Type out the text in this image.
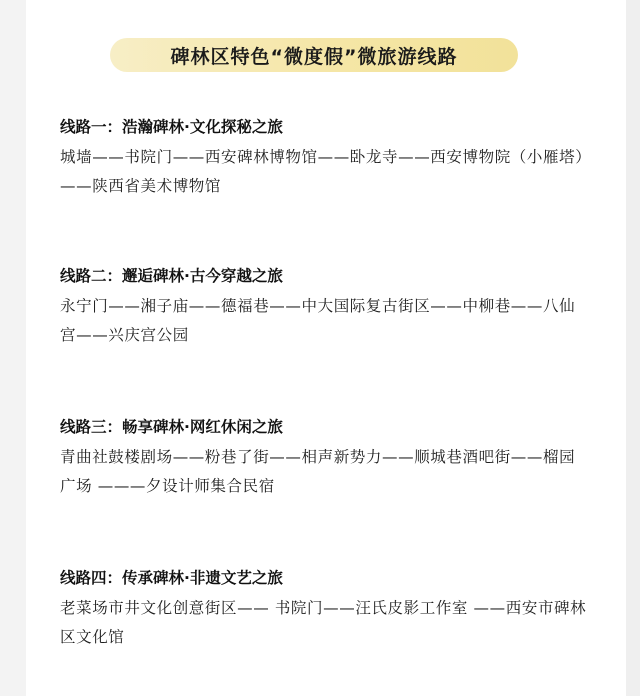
碑林区特色“微度假”微旅游线路
线路一：浩瀚碑林·文化探秘之旅
城墙——书院门——西安碑林博物馆——卧龙寺——西安博物院（小雁塔）——陕西省美术博物馆
线路二：邂逅碑林·古今穿越之旅
永宁门——湘子庙——德福巷——中大国际复古街区——中柳巷——八仙宫——兴庆宫公园
线路三：畅享碑林·网红休闲之旅
青曲社鼓楼剧场——粉巷了街——相声新势力——顺城巷酒吧街——榴园广场 ———夕设计师集合民宿
线路四：传承碑林·非遗文艺之旅
老菜场市井文化创意街区—— 书院门——汪氏皮影工作室 ——西安市碑林区文化馆
